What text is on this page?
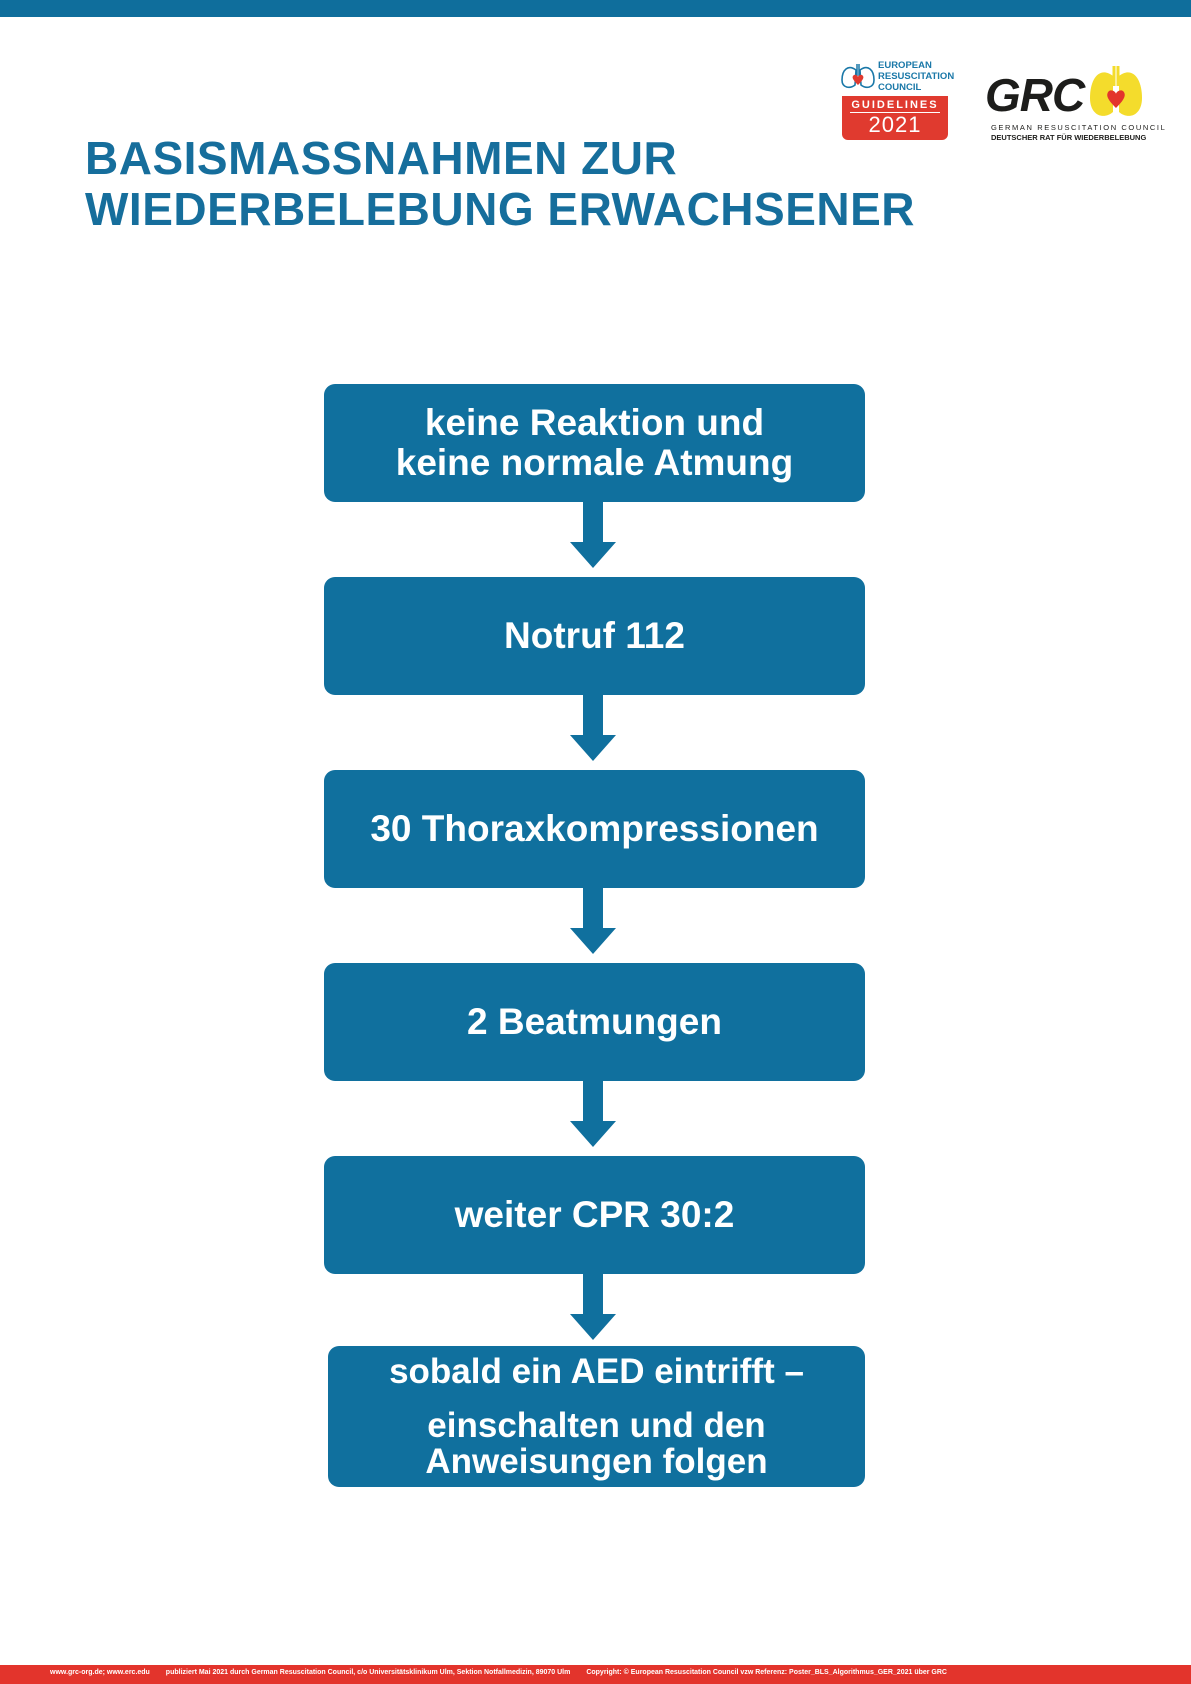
EUROPEAN
RESUSCITATION
COUNCIL
GUIDELINES
2021
GRC
GERMAN RESUSCITATION COUNCIL
DEUTSCHER RAT FÜR WIEDERBELEBUNG
BASISMASSNAHMEN ZUR
WIEDERBELEBUNG ERWACHSENER
keine Reaktion und
keine normale Atmung
Notruf 112
30 Thoraxkompressionen
2 Beatmungen
weiter CPR 30:2
sobald ein AED eintrifft –
einschalten und den
Anweisungen folgen
www.grc-org.de; www.erc.edu publiziert Mai 2021 durch German Resuscitation Council, c/o Universitätsklinikum Ulm, Sektion Notfallmedizin, 89070 Ulm Copyright: © European Resuscitation Council vzw Referenz: Poster_BLS_Algorithmus_GER_2021 über GRC
